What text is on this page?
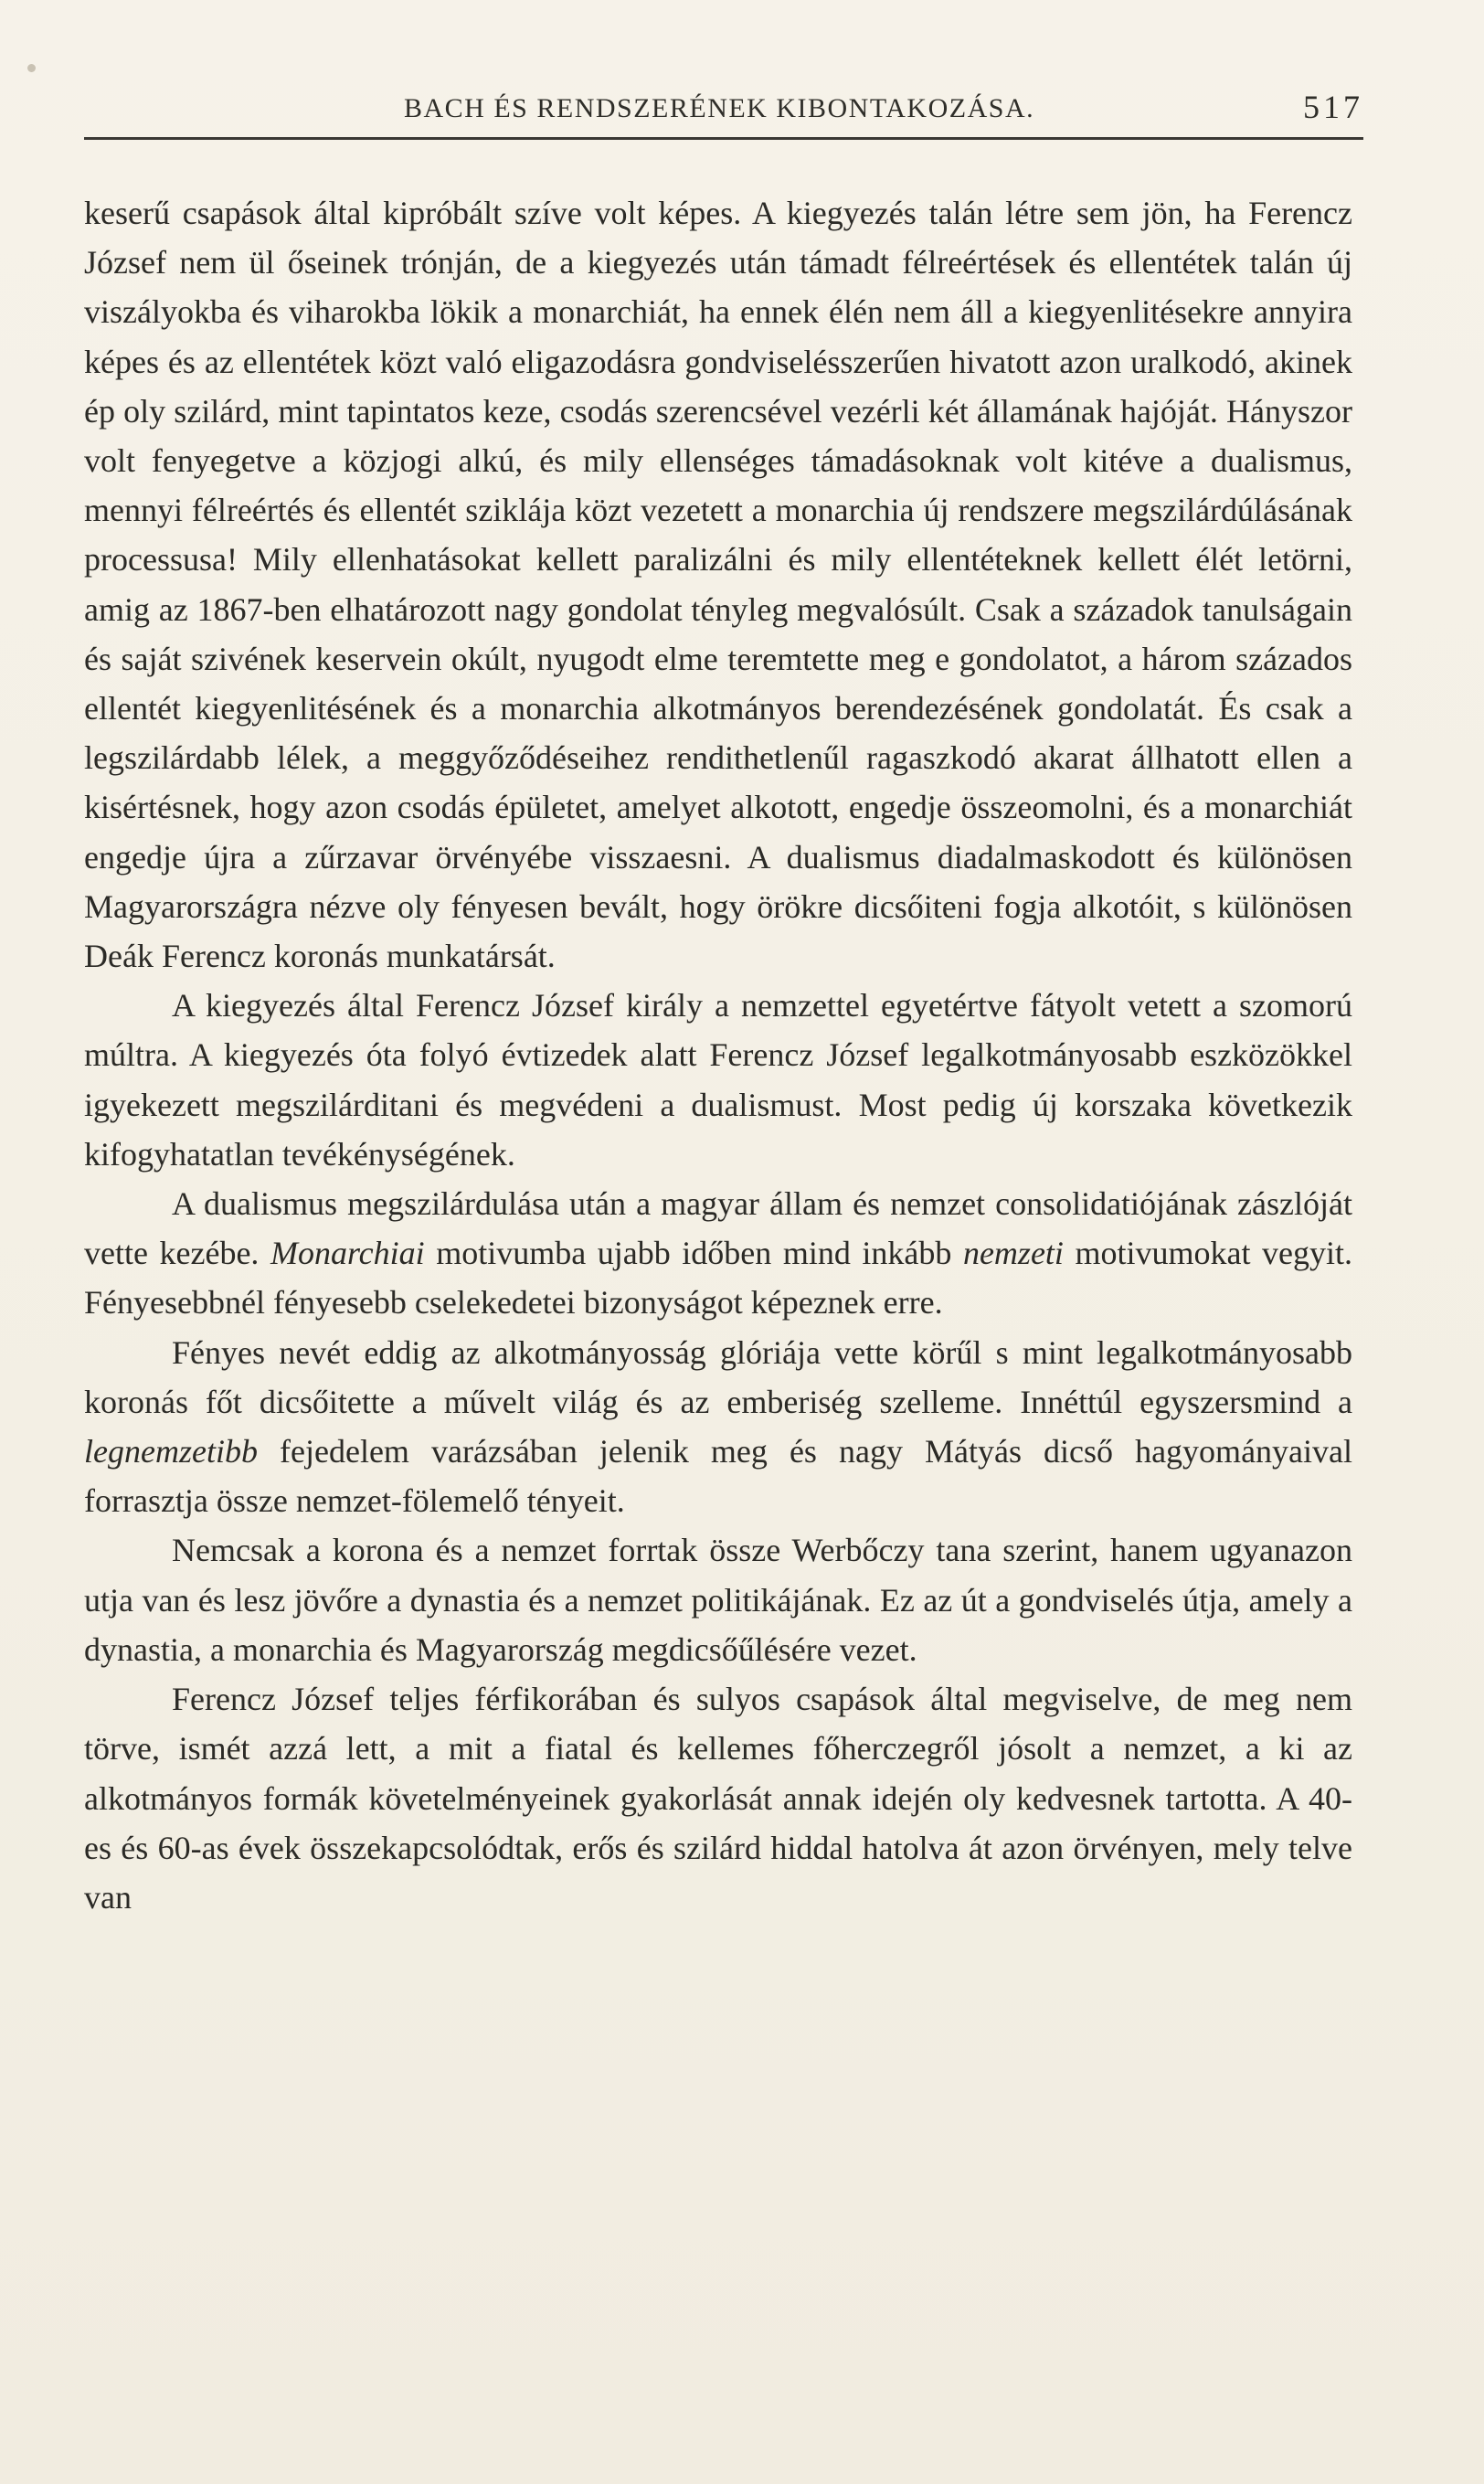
BACH ÉS RENDSZERÉNEK KIBONTAKOZÁSA.	517

keserű csapások által kipróbált szíve volt képes. A kiegyezés talán létre sem jön, ha Ferencz József nem ül őseinek trónján, de a kiegyezés után támadt félreértések és ellentétek talán új viszályokba és viharokba lökik a monarchiát, ha ennek élén nem áll a kiegyenlitésekre annyira képes és az ellentétek közt való eligazodásra gondviselésszerűen hivatott azon uralkodó, akinek ép oly szilárd, mint tapintatos keze, csodás szerencsével vezérli két államának hajóját. Hányszor volt fenyegetve a közjogi alkú, és mily ellenséges támadásoknak volt kitéve a dualismus, mennyi félreértés és ellentét sziklája közt vezetett a monarchia új rendszere megszilárdúlásának processusa! Mily ellenhatásokat kellett paralizálni és mily ellentéteknek kellett élét letörni, amig az 1867-ben elhatározott nagy gondolat tényleg megvalósúlt. Csak a századok tanulságain és saját szivének keservein okúlt, nyugodt elme teremtette meg e gondolatot, a három százados ellentét kiegyenlitésének és a monarchia alkotmányos berendezésének gondolatát. És csak a legszilárdabb lélek, a meggyőződéseihez rendithetlenűl ragaszkodó akarat állhatott ellen a kisértésnek, hogy azon csodás épületet, amelyet alkotott, engedje összeomolni, és a monarchiát engedje újra a zűrzavar örvényébe visszaesni. A dualismus diadalmaskodott és különösen Magyarországra nézve oly fényesen bevált, hogy örökre dicsőiteni fogja alkotóit, s különösen Deák Ferencz koronás munkatársát.

A kiegyezés által Ferencz József király a nemzettel egyetértve fátyolt vetett a szomorú múltra. A kiegyezés óta folyó évtizedek alatt Ferencz József legalkotmányosabb eszközökkel igyekezett megszilárditani és megvédeni a dualismust. Most pedig új korszaka következik kifogyhatatlan tevékénységének.

A dualismus megszilárdulása után a magyar állam és nemzet consolidatiójának zászlóját vette kezébe. Monarchiai motivumba ujabb időben mind inkább nemzeti motivumokat vegyit. Fényesebbnél fényesebb cselekedetei bizonyságot képeznek erre.

Fényes nevét eddig az alkotmányosság glóriája vette körűl s mint legalkotmányosabb koronás főt dicsőitette a művelt világ és az emberiség szelleme. Innéttúl egyszersmind a legnemzetibb fejedelem varázsában jelenik meg és nagy Mátyás dicső hagyományaival forrasztja össze nemzet-fölemelő tényeit.

Nemcsak a korona és a nemzet forrtak össze Werbőczy tana szerint, hanem ugyanazon utja van és lesz jövőre a dynastia és a nemzet politikájának. Ez az út a gondviselés útja, amely a dynastia, a monarchia és Magyarország megdicsőűlésére vezet.

Ferencz József teljes férfikorában és sulyos csapások által megviselve, de meg nem törve, ismét azzá lett, a mit a fiatal és kellemes főherczegről jósolt a nemzet, a ki az alkotmányos formák követelményeinek gyakorlását annak idején oly kedvesnek tartotta. A 40-es és 60-as évek összekapcsolódtak, erős és szilárd hiddal hatolva át azon örvényen, mely telve van
